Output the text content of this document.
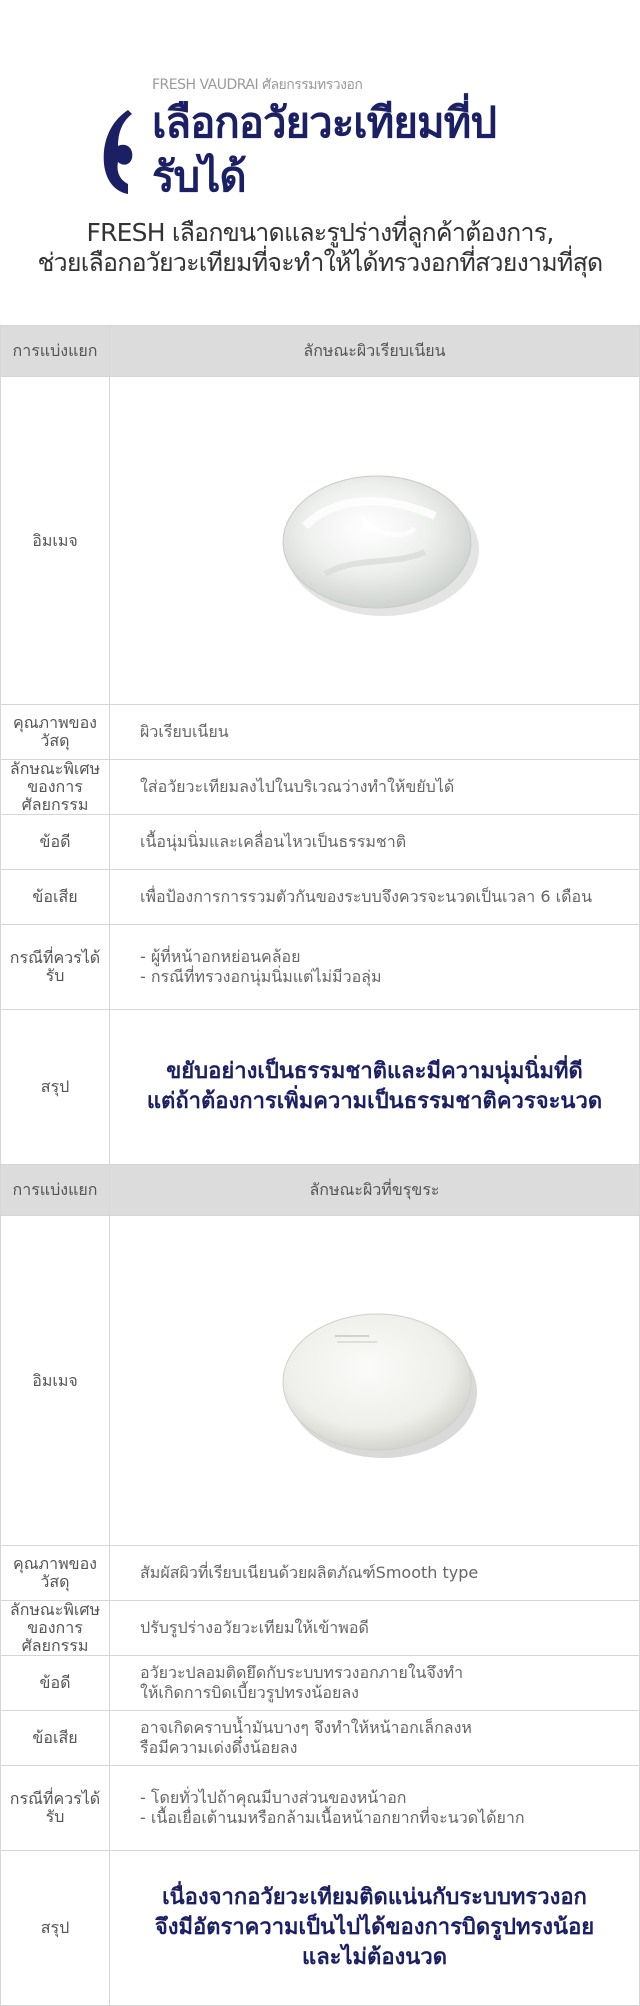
FRESH VAUDRAI ศัลยกรรมทรวงอก
เลือกอวัยวะเทียมที่ป
รับได้
FRESH เลือกขนาดและรูปร่างที่ลูกค้าต้องการ,
ช่วยเลือกอวัยวะเทียมที่จะทำให้ได้ทรวงอกที่สวยงามที่สุด
การแบ่งแยก	ลักษณะผิวเรียบเนียน
อิมเมจ	

คุณภาพของวัสดุ	ผิวเรียบเนียน

ลักษณะพิเศษของการศัลยกรรม	ใส่อวัยวะเทียมลงไปในบริเวณว่างทำให้ขยับได้

ข้อดี	เนื้อนุ่มนิ่มและเคลื่อนไหวเป็นธรรมชาติ

ข้อเสีย	เพื่อป้องการการรวมตัวกันของระบบจึงควรจะนวดเป็นเวลา 6 เดือน

กรณีที่ควรได้รับ	- ผู้ที่หน้าอกหย่อนคล้อย
- กรณีที่ทรวงอกนุ่มนิ่มแต่ไม่มีวอลุ่ม

สรุป	ขยับอย่างเป็นธรรมชาติและมีความนุ่มนิ่มที่ดี
แต่ถ้าต้องการเพิ่มความเป็นธรรมชาติควรจะนวด
การแบ่งแยก	ลักษณะผิวที่ขรุขระ
อิมเมจ	

คุณภาพของวัสดุ	สัมผัสผิวที่เรียบเนียนด้วยผลิตภัณฑ์Smooth type

ลักษณะพิเศษของการศัลยกรรม	ปรับรูปร่างอวัยวะเทียมให้เข้าพอดี

ข้อดี	อวัยวะปลอมติดยึดกับระบบทรวงอกภายในจึงทำ
ให้เกิดการบิดเบี้ยวรูปทรงน้อยลง

ข้อเสีย	อาจเกิดคราบน้ำมันบางๆ จึงทำให้หน้าอกเล็กลงห
รือมีความเด่งดึ๋งน้อยลง

กรณีที่ควรได้รับ	- โดยทั่วไปถ้าคุณมีบางส่วนของหน้าอก
- เนื้อเยื่อเต้านมหรือกล้ามเนื้อหน้าอกยากที่จะนวดได้ยาก

สรุป	เนื่องจากอวัยวะเทียมติดแน่นกับระบบทรวงอก
จึงมีอัตราความเป็นไปได้ของการบิดรูปทรงน้อย
และไม่ต้องนวด
